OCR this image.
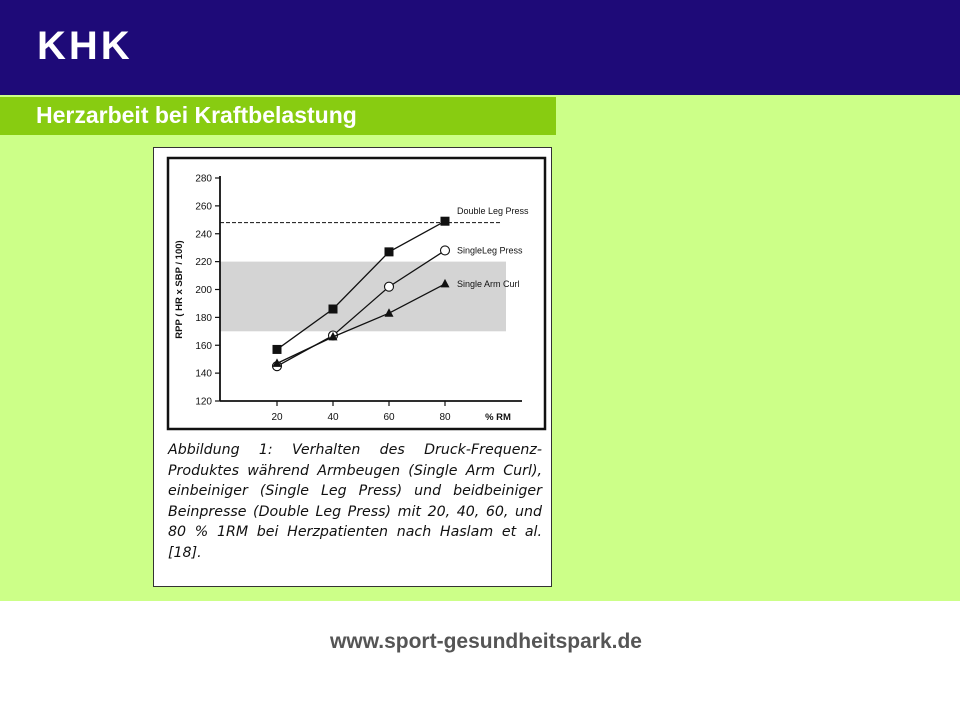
KHK
Herzarbeit bei Kraftbelastung
120
140
160
180
200
220
240
260
280
20	40	60	80	% RM
RPP ( HR x SBP / 100)
Double Leg Press
SingleLeg Press
Single Arm Curl
Abbildung 1: Verhalten des Druck-Frequenz-Produktes während Armbeugen (Single Arm Curl), einbeiniger (Single Leg Press) und beidbeiniger Beinpresse (Double Leg Press) mit 20, 40, 60, und 80 % 1RM bei Herzpatienten nach Haslam et al. [18].
www.sport-gesundheitspark.de
